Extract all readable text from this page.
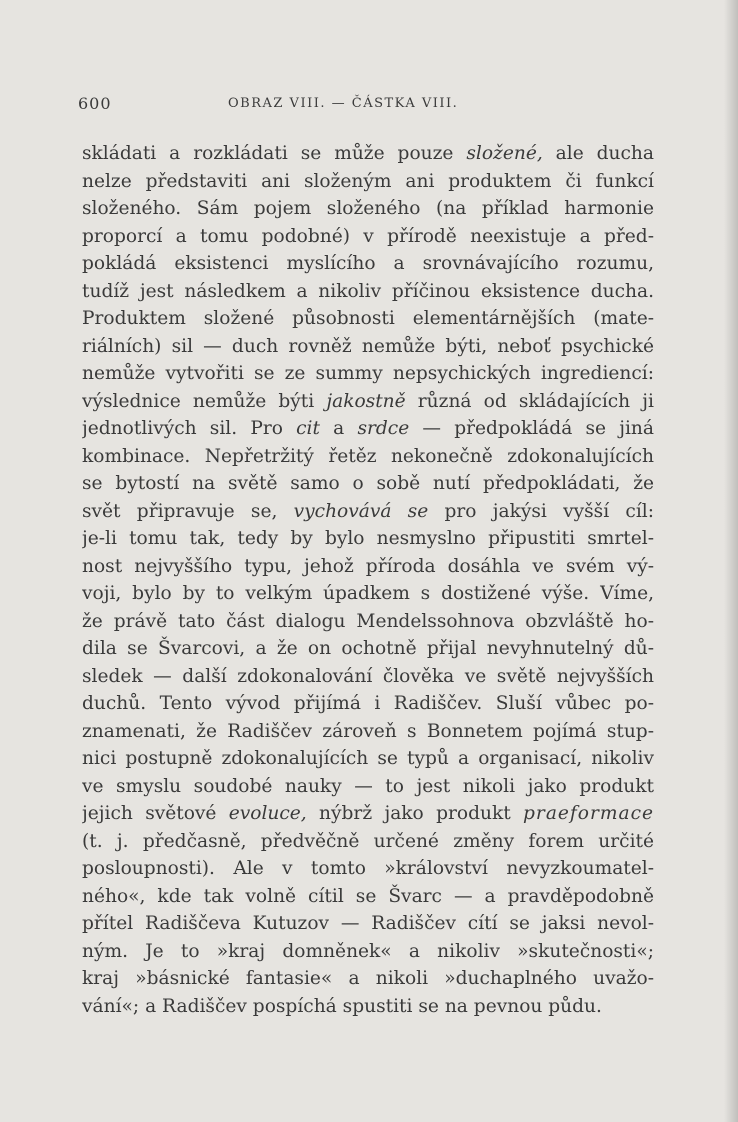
600	OBRAZ VIII. — ČÁSTKA VIII.
skládati a rozkládati se může pouze složené, ale ducha
nelze představiti ani složeným ani produktem či funkcí
složeného. Sám pojem složeného (na příklad harmonie
proporcí a tomu podobné) v přírodě neexistuje a před-
pokládá eksistenci myslícího a srovnávajícího rozumu,
tudíž jest následkem a nikoliv příčinou eksistence ducha.
Produktem složené působnosti elementárnějších (mate-
riálních) sil — duch rovněž nemůže býti, neboť psychické
nemůže vytvořiti se ze summy nepsychických ingrediencí:
výslednice nemůže býti jakostně různá od skládajících ji
jednotlivých sil. Pro cit a srdce — předpokládá se jiná
kombinace. Nepřetržitý řetěz nekonečně zdokonalujících
se bytostí na světě samo o sobě nutí předpokládati, že
svět připravuje se, vychovává se pro jakýsi vyšší cíl:
je-li tomu tak, tedy by bylo nesmyslno připustiti smrtel-
nost nejvyššího typu, jehož příroda dosáhla ve svém vý-
voji, bylo by to velkým úpadkem s dostižené výše. Víme,
že právě tato část dialogu Mendelssohnova obzvláště ho-
dila se Švarcovi, a že on ochotně přijal nevyhnutelný dů-
sledek — další zdokonalování člověka ve světě nejvyšších
duchů. Tento vývod přijímá i Radiščev. Sluší vůbec po-
znamenati, že Radiščev zároveň s Bonnetem pojímá stup-
nici postupně zdokonalujících se typů a organisací, nikoliv
ve smyslu soudobé nauky — to jest nikoli jako produkt
jejich světové evoluce, nýbrž jako produkt praeformace
(t. j. předčasně, předvěčně určené změny forem určité
posloupnosti). Ale v tomto »království nevyzkoumatel-
ného«, kde tak volně cítil se Švarc — a pravděpodobně
přítel Radiščeva Kutuzov — Radiščev cítí se jaksi nevol-
ným. Je to »kraj domněnek« a nikoliv »skutečnosti«;
kraj »básnické fantasie« a nikoli »duchaplného uvažo-
vání«; a Radiščev pospíchá spustiti se na pevnou půdu.
